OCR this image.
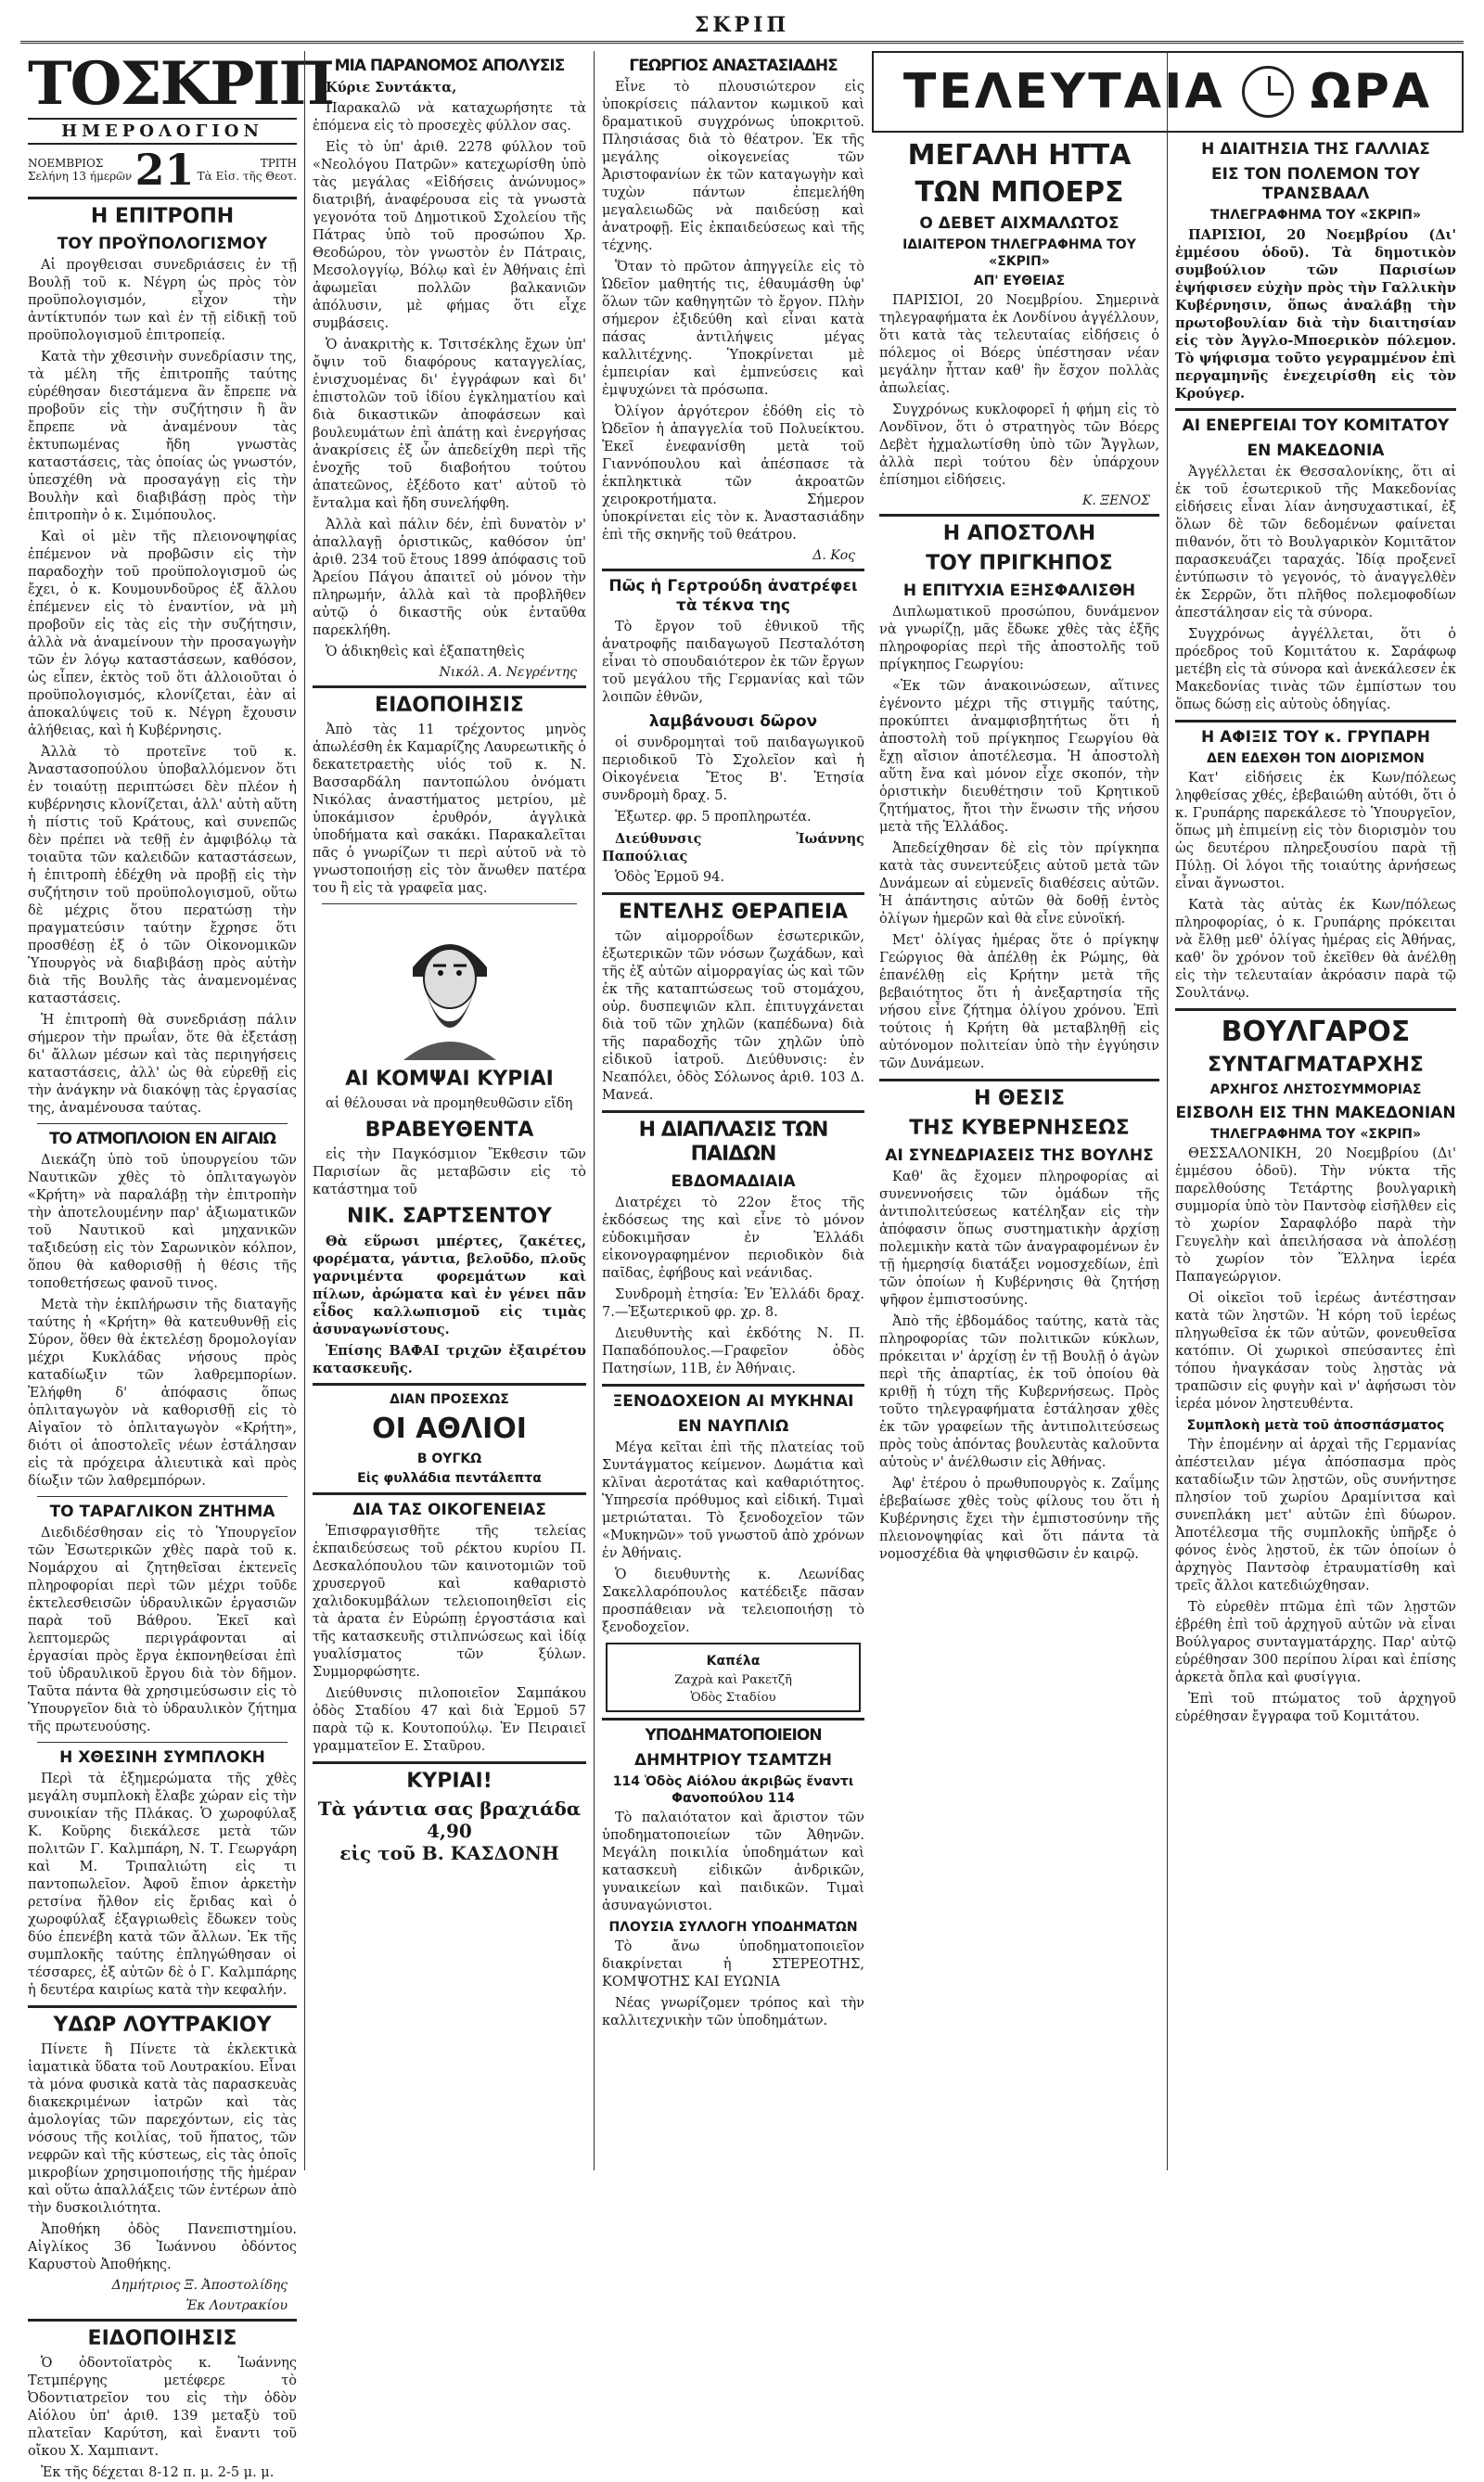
ΣΚΡΙΠ
ΤΟΣΚΡΙΠ
ΗΜΕΡΟΛΟΓΙΟΝ
ΝΟΕΜΒΡΙΟΣ
Σελήνη 13 ήμερῶν 21	ΤΡΙΤΗ
Τὰ Εἰσ. τῆς Θεοτ.
Η ΕΠΙΤΡΟΠΗ
ΤΟΥ ΠΡΟΫΠΟΛΟΓΙΣΜΟΥ

Αἱ προγθεισαι συνεδριάσεις ἐν τῇ Βουλῇ τοῦ κ. Νέγρη ὡς πρὸς τὸν προϋπολογισμόν, εἶχον τὴν ἀντίκτυπόν των καὶ ἐν τῇ εἰδικῇ τοῦ προϋπολογισμοῦ ἐπιτροπείᾳ.

Κατὰ τὴν χθεσινὴν συνεδρίασιν της, τὰ μέλη τῆς ἐπιτροπῆς ταύτης εὑρέθησαν διεστάμενα ἂν ἔπρεπε νὰ προβοῦν εἰς τὴν συζήτησιν ἢ ἂν ἔπρεπε νὰ ἀναμένουν τὰς ἐκτυπωμένας ἤδη γνωστὰς καταστάσεις, τὰς ὁποίας ὡς γνωστόν, ὑπεσχέθη νὰ προσαγάγῃ εἰς τὴν Βουλὴν καὶ διαβιβάσῃ πρὸς τὴν ἐπιτροπὴν ὁ κ. Σιμόπουλος.

Καὶ οἱ μὲν τῆς πλειονοψηφίας ἐπέμενον νὰ προβῶσιν εἰς τὴν παραδοχὴν τοῦ προϋπολογισμοῦ ὡς ἔχει, ὁ κ. Κουμουνδοῦρος ἐξ ἄλλου ἐπέμενεν εἰς τὸ ἐναντίον, νὰ μὴ προβοῦν εἰς τὰς εἰς τὴν συζήτησιν, ἀλλὰ νὰ ἀναμείνουν τὴν προσαγωγὴν τῶν ἐν λόγῳ καταστάσεων, καθόσον, ὡς εἶπεν, ἐκτὸς τοῦ ὅτι ἀλλοιοῦται ὁ προϋπολογισμός, κλονίζεται, ἐὰν αἱ ἀποκαλύψεις τοῦ κ. Νέγρη ἔχουσιν ἀλήθειας, καὶ ἡ Κυβέρνησις.

Ἀλλὰ τὸ προτεῖνε τοῦ κ. Ἀναστασοπούλου ὑποβαλλόμενον ὅτι ἐν τοιαύτῃ περιπτώσει δὲν πλέον ἡ κυβέρνησις κλονίζεται, ἀλλ' αὐτὴ αὕτη ἡ πίστις τοῦ Κράτους, καὶ συνεπῶς δὲν πρέπει νὰ τεθῇ ἐν ἀμφιβόλῳ τὰ τοιαῦτα τῶν καλειδῶν καταστάσεων, ἡ ἐπιτροπὴ ἐδέχθη νὰ προβῇ εἰς τὴν συζήτησιν τοῦ προϋπολογισμοῦ, οὕτω δὲ μέχρις ὅτου περατώσῃ τὴν πραγματεύσιν ταύτην ἔχρησε ὅτι προσθέσῃ ἐξ ὁ τῶν Οἰκονομικῶν Ὑπουργὸς νὰ διαβιβάσῃ πρὸς αὐτὴν διὰ τῆς Βουλῆς τὰς ἀναμενομένας καταστάσεις.

Ἡ ἐπιτροπὴ θὰ συνεδριάσῃ πάλιν σήμερον τὴν πρωΐαν, ὅτε θὰ ἐξετάσῃ δι' ἄλλων μέσων καὶ τὰς περιηγήσεις καταστάσεις, ἀλλ' ὡς θὰ εὑρεθῇ εἰς τὴν ἀνάγκην νὰ διακόψῃ τὰς ἐργασίας της, ἀναμένουσα ταύτας.

ΤΟ ΑΤΜΟΠΛΟΙΟΝ ΕΝ ΑΙΓΑΙΩ

Διεκάζη ὑπὸ τοῦ ὑπουργείου τῶν Ναυτικῶν χθὲς τὸ ὁπλιταγωγὸν «Κρήτη» νὰ παραλάβῃ τὴν ἐπιτροπὴν τὴν ἀποτελουμένην παρ' ἀξιωματικῶν τοῦ Ναυτικοῦ καὶ μηχανικῶν ταξιδεύσῃ εἰς τὸν Σαρωνικὸν κόλπον, ὅπου θὰ καθορισθῇ ἡ θέσις τῆς τοποθετήσεως φανοῦ τινος.

Μετὰ τὴν ἐκπλήρωσιν τῆς διαταγῆς ταύτης ἡ «Κρήτη» θὰ κατευθυνθῇ εἰς Σύρον, ὅθεν θὰ ἐκτελέσῃ δρομολογίαν μέχρι Κυκλάδας νήσους πρὸς καταδίωξιν τῶν λαθρεμπορίων. Ἐλήφθη δ' ἀπόφασις ὅπως ὁπλιταγωγὸν νὰ καθορισθῇ εἰς τὸ Αἰγαῖον τὸ ὁπλιταγωγὸν «Κρήτη», διότι οἱ ἀποστολεῖς νέων ἐστάλησαν εἰς τὰ πρόχειρα ἁλιευτικὰ καὶ πρὸς δίωξιν τῶν λαθρεμπόρων.

ΤΟ ΤΑΡΑΓΛΙΚΟΝ ΖΗΤΗΜΑ

Διεδιδέσθησαν εἰς τὸ Ὑπουργεῖον τῶν Ἐσωτερικῶν χθὲς παρὰ τοῦ κ. Νομάρχου αἱ ζητηθεῖσαι ἐκτενεῖς πληροφορίαι περὶ τῶν μέχρι τοῦδε ἐκτελεσθεισῶν ὑδραυλικῶν ἐργασιῶν παρὰ τοῦ Βάθρου. Ἐκεῖ καὶ λεπτομερῶς περιγράφονται αἱ ἐργασίαι πρὸς ἔργα ἐκπονηθείσαι ἐπὶ τοῦ ὑδραυλικοῦ ἔργου διὰ τὸν δῆμον. Ταῦτα πάντα θὰ χρησιμεύσωσιν εἰς τὸ Ὑπουργεῖον διὰ τὸ ὑδραυλικὸν ζήτημα τῆς πρωτευούσης.

Η ΧΘΕΣΙΝΗ ΣΥΜΠΛΟΚΗ

Περὶ τὰ ἐξημερώματα τῆς χθὲς μεγάλη συμπλοκὴ ἔλαβε χώραν εἰς τὴν συνοικίαν τῆς Πλάκας. Ὁ χωροφύλαξ Κ. Κοῦρης διεκάλεσε μετὰ τῶν πολιτῶν Γ. Καλμπάρη, Ν. Τ. Γεωργάρη καὶ Μ. Τριπαλιώτη εἰς τι παντοπωλεῖον. Ἀφοῦ ἔπιον ἀρκετὴν ρετσίνα ἤλθον εἰς ἔριδας καὶ ὁ χωροφύλαξ ἐξαγριωθεὶς ἔδωκεν τοὺς δύο ἐπενέβη κατὰ τῶν ἄλλων. Ἐκ τῆς συμπλοκῆς ταύτης ἐπληγώθησαν οἱ τέσσαρες, ἐξ αὐτῶν δὲ ὁ Γ. Καλμπάρης ἡ δευτέρα καιρίως κατὰ τὴν κεφαλήν.

ΥΔΩΡ ΛΟΥΤΡΑΚΙΟΥ

Πίνετε ἢ Πίνετε τὰ ἐκλεκτικὰ ἰαματικὰ ὕδατα τοῦ Λουτρακίου. Εἶναι τὰ μόνα φυσικὰ κατὰ τὰς παρασκευὰς διακεκριμένων ἰατρῶν καὶ τὰς ἀμολογίας τῶν παρεχόντων, εἰς τὰς νόσους τῆς κοιλίας, τοῦ ἥπατος, τῶν νεφρῶν καὶ τῆς κύστεως, εἰς τὰς ὁποῖς μικροβίων χρησιμοποιήσῃς τῆς ἡμέραν καὶ οὕτω ἀπαλλάξεις τῶν ἐντέρων ἀπὸ τὴν δυσκοιλιότητα.

Ἀποθήκη ὁδὸς Πανεπιστημίου. Αἰγλίκος 36 Ἰωάννου ὀδόντος Καρυστοὺ Ἀποθήκης.

Δημήτριος Ξ. Ἀποστολίδης
Ἐκ Λουτρακίου
ΕΙΔΟΠΟΙΗΣΙΣ

Ὁ ὀδοντοϊατρὸς κ. Ἰωάννης Τετμπέργης μετέφερε τὸ Ὀδοντιατρεῖον του εἰς τὴν ὁδὸν Αἰόλου ὑπ' ἀριθ. 139 μεταξὺ τοῦ πλατεῖαν Καρύτση, καὶ ἔναντι τοῦ οἴκου Χ. Χαμπιαντ.

Ἐκ τῆς δέχεται 8-12 π. μ. 2-5 μ. μ.

ΜΙΑ ΠΑΡΑΝΟΜΟΣ ΑΠΟΛΥΣΙΣ

Κύριε Συντάκτα,

Παρακαλῶ νὰ καταχωρήσητε τὰ ἑπόμενα εἰς τὸ προσεχὲς φύλλον σας.

Εἰς τὸ ὑπ' ἀριθ. 2278 φύλλον τοῦ «Νεολόγου Πατρῶν» κατεχωρίσθη ὑπὸ τὰς μεγάλας «Εἰδήσεις ἀνώνυμος» διατριβή, ἀναφέρουσα εἰς τὰ γνωστὰ γεγονότα τοῦ Δημοτικοῦ Σχολείου τῆς Πάτρας ὑπὸ τοῦ προσώπου Χρ. Θεοδώρου, τὸν γνωστὸν ἐν Πάτραις, Μεσολογγίῳ, Βόλῳ καὶ ἐν Ἀθήναις ἐπὶ ἀφωμεῖαι πολλῶν βαλκανιῶν ἀπόλυσιν, μὲ φήμας ὅτι εἶχε συμβάσεις.

Ὁ ἀνακριτὴς κ. Τσιτσέκλης ἔχων ὑπ' ὄψιν τοῦ διαφόρους καταγγελίας, ἐνισχυομένας δι' ἐγγράφων καὶ δι' ἐπιστολῶν τοῦ ἰδίου ἐγκληματίου καὶ διὰ δικαστικῶν ἀποφάσεων καὶ βουλευμάτων ἐπὶ ἀπάτῃ καὶ ἐνεργήσας ἀνακρίσεις ἐξ ὧν ἀπεδείχθη περὶ τῆς ἐνοχῆς τοῦ διαβοήτου τούτου ἀπατεῶνος, ἐξέδοτο κατ' αὐτοῦ τὸ ἔνταλμα καὶ ἤδη συνελήφθη.

Ἀλλὰ καὶ πάλιν δέν, ἐπὶ δυνατὸν ν' ἀπαλλαγῇ ὀριστικῶς, καθόσον ὑπ' ἀριθ. 234 τοῦ ἔτους 1899 ἀπόφασις τοῦ Ἀρείου Πάγου ἀπαιτεῖ οὐ μόνον τὴν πληρωμήν, ἀλλὰ καὶ τὰ προβλῆθεν αὐτῷ ὁ δικαστῆς οὐκ ἐνταῦθα παρεκλήθη.

Ὁ ἀδικηθεὶς καὶ ἐξαπατηθεὶς

Νικόλ. Α. Νεγρέντης
ΕΙΔΟΠΟΙΗΣΙΣ

Ἀπὸ τὰς 11 τρέχοντος μηνὸς ἀπωλέσθη ἐκ Καμαρίζης Λαυρεωτικῆς ὁ δεκατετραετὴς υἱός τοῦ κ. Ν. Βασσαρδάλη παντοπώλου ὀνόματι Νικόλας ἀναστήματος μετρίου, μὲ ὑποκάμισον ἐρυθρόν, ἀγγλικὰ ὑποδήματα καὶ σακάκι. Παρακαλεῖται πᾶς ὁ γνωρίζων τι περὶ αὐτοῦ νὰ τὸ γνωστοποιήσῃ εἰς τὸν ἄνωθεν πατέρα του ἢ εἰς τὰ γραφεῖα μας.

ΑΙ ΚΟΜΨΑΙ ΚΥΡΙΑΙ

αἱ θέλουσαι νὰ προμηθευθῶσιν εἴδη

ΒΡΑΒΕΥΘΕΝΤΑ

εἰς τὴν Παγκόσμιον Ἔκθεσιν τῶν Παρισίων ἂς μεταβῶσιν εἰς τὸ κατάστημα τοῦ

ΝΙΚ. ΣΑΡΤΣΕΝΤΟΥ

Θὰ εὕρωσι μπέρτες, ζακέτες, φορέματα, γάντια, βελοῦδο, πλοῦς γαρνιμέντα φορεμάτων καὶ πίλων, ἀρώματα καὶ ἐν γένει πᾶν εἶδος καλλωπισμοῦ εἰς τιμὰς ἀσυναγωνίστους.

Ἐπίσης ΒΑΦΑΙ τριχῶν ἐξαιρέτου κατασκευῆς.

ΔΙΑΝ ΠΡΟΣΕΧΩΣ
ΟΙ ΑΘΛΙΟΙ
Β ΟΥΓΚΩ
Εἰς φυλλάδια πεντάλεπτα
ΔΙΑ ΤΑΣ ΟΙΚΟΓΕΝΕΙΑΣ

Ἐπισφραγισθῆτε τῆς τελείας ἐκπαιδεύσεως τοῦ ρέκτου κυρίου Π. Δεσκαλόπουλου τῶν καινοτομιῶν τοῦ χρυσεργοῦ καὶ καθαριστὸ χαλιδοκυμβάλων τελειοποιηθεῖσι εἰς τὰ ἀρατα ἐν Εὐρώπῃ ἐργοστάσια καὶ τῆς κατασκευῆς στιλπνώσεως καὶ ἰδίᾳ γυαλίσματος τῶν ξύλων. Συμμορφώσητε.

Διεύθυνσις πιλοποιεῖον Σαμπάκου ὁδὸς Σταδίου 47 καὶ διὰ Ἑρμοῦ 57 παρὰ τῷ κ. Κουτοπούλῳ. Ἐν Πειραιεῖ γραμματεῖον Ε. Σταῦρου.

ΚΥΡΙΑΙ!
Τὰ γάντια σας βραχιάδα 4,90
εἰς τοῦ Β. ΚΑΣΔΟΝΗ
ΓΕΩΡΓΙΟΣ ΑΝΑΣΤΑΣΙΑΔΗΣ

Εἶνε τὸ πλουσιώτερον εἰς ὑποκρίσεις πάλαντον κωμικοῦ καὶ δραματικοῦ συγχρόνως ὑποκριτοῦ. Πλησιάσας διὰ τὸ θέατρον. Ἐκ τῆς μεγάλης οἰκογενείας τῶν Ἀριστοφανίων ἐκ τῶν καταγωγὴν καὶ τυχὼν πάντων ἐπεμελήθη μεγαλειωδῶς νὰ παιδεύσῃ καὶ ἀνατροφῇ. Εἰς ἐκπαιδεύσεως καὶ τῆς τέχνης.

Ὅταν τὸ πρῶτον ἀπηγγείλε εἰς τὸ Ὠδεῖον μαθητής τις, ἐθαυμάσθη ὑφ' ὅλων τῶν καθηγητῶν τὸ ἔργον. Πλὴν σήμερον ἐξιδεύθη καὶ εἶναι κατὰ πάσας ἀντιλήψεις μέγας καλλιτέχνης. Ὑποκρίνεται μὲ ἐμπειρίαν καὶ ἐμπνεύσεις καὶ ἐμψυχώνει τὰ πρόσωπα.

Ὀλίγον ἀργότερον ἐδόθη εἰς τὸ Ὠδεῖον ἡ ἀπαγγελία τοῦ Πολυείκτου. Ἐκεῖ ἐνεφανίσθη μετὰ τοῦ Γιαννόπουλου καὶ ἀπέσπασε τὰ ἐκπληκτικὰ τῶν ἀκροατῶν χειροκροτήματα. Σήμερον ὑποκρίνεται εἰς τὸν κ. Ἀναστασιάδην ἐπὶ τῆς σκηνῆς τοῦ θεάτρου.

Δ. Κος
Πῶς ἡ Γερτρούδη ἀνατρέφει τὰ τέκνα της

Τὸ ἔργον τοῦ ἐθνικοῦ τῆς ἀνατροφῆς παιδαγωγοῦ Πεσταλότση εἶναι τὸ σπουδαιότερον ἐκ τῶν ἔργων τοῦ μεγάλου τῆς Γερμανίας καὶ τῶν λοιπῶν ἐθνῶν,

λαμβάνουσι δῶρον

οἱ συνδρομηταὶ τοῦ παιδαγωγικοῦ περιοδικοῦ Τὸ Σχολεῖον καὶ ἡ Οἰκογένεια Ἔτος Β'. Ἐτησία συνδρομὴ δραχ. 5.

Ἐξωτερ. φρ. 5 προπληρωτέα.

Διεύθυνσις Ἰωάννης Παπούλιας

Ὁδὸς Ἑρμοῦ 94.

ΕΝΤΕΛΗΣ ΘΕΡΑΠΕΙΑ

τῶν αἱμορροΐδων ἐσωτερικῶν, ἐξωτερικῶν τῶν νόσων ζωχάδων, καὶ τῆς ἐξ αὐτῶν αἱμορραγίας ὡς καὶ τῶν ἐκ τῆς καταπτώσεως τοῦ στομάχου, οὐρ. δυσπεψιῶν κλπ. ἐπιτυγχάνεται διὰ τοῦ τῶν χηλῶν (καπέδωνα) διὰ τῆς παραδοχῆς τῶν χηλῶν ὑπὸ εἰδικοῦ ἰατροῦ. Διεύθυνσις: ἐν Νεαπόλει, ὁδὸς Σόλωνος ἀριθ. 103 Δ. Μανεά.

Η ΔΙΑΠΛΑΣΙΣ ΤΩΝ ΠΑΙΔΩΝ
ΕΒΔΟΜΑΔΙΑΙΑ

Διατρέχει τὸ 22ον ἔτος τῆς ἐκδόσεως της καὶ εἶνε τὸ μόνον εὐδοκιμῆσαν ἐν Ἑλλάδι εἰκονογραφημένον περιοδικὸν διὰ παῖδας, ἐφήβους καὶ νεάνιδας.

Συνδρομὴ ἐτησία: Ἐν Ἑλλάδι δραχ. 7.—Ἐξωτερικοῦ φρ. χρ. 8.

Διευθυντὴς καὶ ἐκδότης Ν. Π. Παπαδόπουλος.—Γραφεῖον ὁδὸς Πατησίων, 11Β, ἐν Ἀθήναις.

ΞΕΝΟΔΟΧΕΙΟΝ ΑΙ ΜΥΚΗΝΑΙ
ΕΝ ΝΑΥΠΛΙΩ

Μέγα κεῖται ἐπὶ τῆς πλατείας τοῦ Συντάγματος κείμενον. Δωμάτια καὶ κλῖναι ἀεροτάτας καὶ καθαριότητος. Ὑπηρεσία πρόθυμος καὶ εἰδική. Τιμαὶ μετριώταται. Τὸ ξενοδοχεῖον τῶν «Μυκηνῶν» τοῦ γνωστοῦ ἀπὸ χρόνων ἐν Ἀθήναις.

Ὁ διευθυντὴς κ. Λεωνίδας Σακελλαρόπουλος κατέδειξε πᾶσαν προσπάθειαν νὰ τελειοποιήσῃ τὸ ξενοδοχεῖον.

Καπέλα
Ζαχρὰ καὶ Ρακετζῆ
Ὁδὸς Σταδίου
ΥΠΟΔΗΜΑΤΟΠΟΙΕΙΟΝ
ΔΗΜΗΤΡΙΟΥ ΤΣΑΜΤΖΗ
114 Ὁδὸς Αἰόλου ἀκριβῶς ἔναντι Φανοπούλου 114

Τὸ παλαιότατον καὶ ἄριστον τῶν ὑποδηματοποιείων τῶν Ἀθηνῶν. Μεγάλη ποικιλία ὑποδημάτων καὶ κατασκευὴ εἰδικῶν ἀνδρικῶν, γυναικείων καὶ παιδικῶν. Τιμαὶ ἀσυναγώνιστοι.

ΠΛΟΥΣΙΑ ΣΥΛΛΟΓΗ ΥΠΟΔΗΜΑΤΩΝ

Τὸ ἄνω ὑποδηματοποιεῖον διακρίνεται ἡ ΣΤΕΡΕΟΤΗΣ, ΚΟΜΨΟΤΗΣ ΚΑΙ ΕΥΩΝΙΑ

Νέας γνωρίζομεν τρόπος καὶ τὴν καλλιτεχνικὴν τῶν ὑποδημάτων.

ΤΕΛΕΥΤΑΙΑ ΩΡΑ
ΜΕΓΑΛΗ ΗΤΤΑ
ΤΩΝ ΜΠΟΕΡΣ
Ο ΔΕΒΕΤ ΑΙΧΜΑΛΩΤΟΣ
ΙΔΙΑΙΤΕΡΟΝ ΤΗΛΕΓΡΑΦΗΜΑ ΤΟΥ «ΣΚΡΙΠ»
ΑΠ' ΕΥΘΕΙΑΣ

ΠΑΡΙΣΙΟΙ, 20 Νοεμβρίου. Σημερινὰ τηλεγραφήματα ἐκ Λονδίνου ἀγγέλλουν, ὅτι κατὰ τὰς τελευταίας εἰδήσεις ὁ πόλεμος οἱ Βόερς ὑπέστησαν νέαν μεγάλην ἧτταν καθ' ἣν ἔσχον πολλὰς ἀπωλείας.

Συγχρόνως κυκλοφορεῖ ἡ φήμη εἰς τὸ Λονδῖνον, ὅτι ὁ στρατηγὸς τῶν Βόερς Δεβὲτ ἠχμαλωτίσθη ὑπὸ τῶν Ἄγγλων, ἀλλὰ περὶ τούτου δὲν ὑπάρχουν ἐπίσημοι εἰδήσεις.

Κ. ΞΕΝΟΣ
Η ΑΠΟΣΤΟΛΗ
ΤΟΥ ΠΡΙΓΚΗΠΟΣ
Η ΕΠΙΤΥΧΙΑ ΕΞΗΣΦΑΛΙΣΘΗ

Διπλωματικοῦ προσώπου, δυνάμενον νὰ γνωρίζῃ, μᾶς ἔδωκε χθὲς τὰς ἑξῆς πληροφορίας περὶ τῆς ἀποστολῆς τοῦ πρίγκηπος Γεωργίου:

«Ἐκ τῶν ἀνακοινώσεων, αἵτινες ἐγένοντο μέχρι τῆς στιγμῆς ταύτης, προκύπτει ἀναμφισβητήτως ὅτι ἡ ἀποστολὴ τοῦ πρίγκηπος Γεωργίου θὰ ἔχῃ αἴσιον ἀποτέλεσμα. Ἡ ἀποστολὴ αὕτη ἔνα καὶ μόνον εἶχε σκοπόν, τὴν ὁριστικὴν διευθέτησιν τοῦ Κρητικοῦ ζητήματος, ἤτοι τὴν ἕνωσιν τῆς νήσου μετὰ τῆς Ἑλλάδος.

Ἀπεδείχθησαν δὲ εἰς τὸν πρίγκηπα κατὰ τὰς συνεντεύξεις αὐτοῦ μετὰ τῶν Δυνάμεων αἱ εὐμενεῖς διαθέσεις αὐτῶν. Ἡ ἀπάντησις αὐτῶν θὰ δοθῇ ἐντὸς ὀλίγων ἡμερῶν καὶ θὰ εἶνε εὐνοϊκή.

Μετ' ὀλίγας ἡμέρας ὅτε ὁ πρίγκηψ Γεώργιος θὰ ἀπέλθῃ ἐκ Ρώμης, θὰ ἐπανέλθῃ εἰς Κρήτην μετὰ τῆς βεβαιότητος ὅτι ἡ ἀνεξαρτησία τῆς νήσου εἶνε ζήτημα ὀλίγου χρόνου. Ἐπὶ τούτοις ἡ Κρήτη θὰ μεταβληθῇ εἰς αὐτόνομον πολιτείαν ὑπὸ τὴν ἐγγύησιν τῶν Δυνάμεων.

Η ΘΕΣΙΣ
ΤΗΣ ΚΥΒΕΡΝΗΣΕΩΣ
ΑΙ ΣΥΝΕΔΡΙΑΣΕΙΣ ΤΗΣ ΒΟΥΛΗΣ

Καθ' ἃς ἔχομεν πληροφορίας αἱ συνεννοήσεις τῶν ὁμάδων τῆς ἀντιπολιτεύσεως κατέληξαν εἰς τὴν ἀπόφασιν ὅπως συστηματικὴν ἀρχίσῃ πολεμικὴν κατὰ τῶν ἀναγραφομένων ἐν τῇ ἡμερησίᾳ διατάξει νομοσχεδίων, ἐπὶ τῶν ὁποίων ἡ Κυβέρνησις θὰ ζητήσῃ ψῆφον ἐμπιστοσύνης.

Ἀπὸ τῆς ἑβδομάδος ταύτης, κατὰ τὰς πληροφορίας τῶν πολιτικῶν κύκλων, πρόκειται ν' ἀρχίσῃ ἐν τῇ Βουλῇ ὁ ἀγὼν περὶ τῆς ἀπαρτίας, ἐκ τοῦ ὁποίου θὰ κριθῇ ἡ τύχη τῆς Κυβερνήσεως. Πρὸς τοῦτο τηλεγραφήματα ἐστάλησαν χθὲς ἐκ τῶν γραφείων τῆς ἀντιπολιτεύσεως πρὸς τοὺς ἀπόντας βουλευτὰς καλοῦντα αὐτοὺς ν' ἀνέλθωσιν εἰς Ἀθήνας.

Ἀφ' ἑτέρου ὁ πρωθυπουργὸς κ. Ζαΐμης ἐβεβαίωσε χθὲς τοὺς φίλους του ὅτι ἡ Κυβέρνησις ἔχει τὴν ἐμπιστοσύνην τῆς πλειονοψηφίας καὶ ὅτι πάντα τὰ νομοσχέδια θὰ ψηφισθῶσιν ἐν καιρῷ.

Η ΔΙΑΙΤΗΣΙΑ ΤΗΣ ΓΑΛΛΙΑΣ
ΕΙΣ ΤΟΝ ΠΟΛΕΜΟΝ ΤΟΥ ΤΡΑΝΣΒΑΑΛ
ΤΗΛΕΓΡΑΦΗΜΑ ΤΟΥ «ΣΚΡΙΠ»

ΠΑΡΙΣΙΟΙ, 20 Νοεμβρίου (Δι' ἐμμέσου ὁδοῦ). Τὰ δημοτικὸν συμβούλιον τῶν Παρισίων ἐψήφισεν εὐχὴν πρὸς τὴν Γαλλικὴν Κυβέρνησιν, ὅπως ἀναλάβῃ τὴν πρωτοβουλίαν διὰ τὴν διαιτησίαν εἰς τὸν Ἀγγλο-Μποερικὸν πόλεμον. Τὸ ψήφισμα τοῦτο γεγραμμένον ἐπὶ περγαμηνῆς ἐνεχειρίσθη εἰς τὸν Κρούγερ.

ΑΙ ΕΝΕΡΓΕΙΑΙ ΤΟΥ ΚΟΜΙΤΑΤΟΥ
ΕΝ ΜΑΚΕΔΟΝΙΑ

Ἀγγέλλεται ἐκ Θεσσαλονίκης, ὅτι αἱ ἐκ τοῦ ἐσωτερικοῦ τῆς Μακεδονίας εἰδήσεις εἶναι λίαν ἀνησυχαστικαί, ἐξ ὅλων δὲ τῶν δεδομένων φαίνεται πιθανόν, ὅτι τὸ Βουλγαρικὸν Κομιτᾶτον παρασκευάζει ταραχάς. Ἰδίᾳ προξενεῖ ἐντύπωσιν τὸ γεγονός, τὸ ἀναγγελθὲν ἐκ Σερρῶν, ὅτι πλῆθος πολεμοφοδίων ἀπεστάλησαν εἰς τὰ σύνορα.

Συγχρόνως ἀγγέλλεται, ὅτι ὁ πρόεδρος τοῦ Κομιτάτου κ. Σαράφωφ μετέβη εἰς τὰ σύνορα καὶ ἀνεκάλεσεν ἐκ Μακεδονίας τινὰς τῶν ἐμπίστων του ὅπως δώσῃ εἰς αὐτοὺς ὁδηγίας.

Η ΑΦΙΞΙΣ ΤΟΥ κ. ΓΡΥΠΑΡΗ
ΔΕΝ ΕΔΕΧΘΗ ΤΟΝ ΔΙΟΡΙΣΜΟΝ

Κατ' εἰδήσεις ἐκ Κων/πόλεως ληφθείσας χθές, ἐβεβαιώθη αὐτόθι, ὅτι ὁ κ. Γρυπάρης παρεκάλεσε τὸ Ὑπουργεῖον, ὅπως μὴ ἐπιμείνῃ εἰς τὸν διορισμὸν του ὡς δευτέρου πληρεξουσίου παρὰ τῇ Πύλῃ. Οἱ λόγοι τῆς τοιαύτης ἀρνήσεως εἶναι ἄγνωστοι.

Κατὰ τὰς αὐτὰς ἐκ Κων/πόλεως πληροφορίας, ὁ κ. Γρυπάρης πρόκειται νὰ ἔλθῃ μεθ' ὀλίγας ἡμέρας εἰς Ἀθήνας, καθ' ὃν χρόνον τοῦ ἐκεῖθεν θὰ ἀνέλθῃ εἰς τὴν τελευταίαν ἀκρόασιν παρὰ τῷ Σουλτάνῳ.

ΒΟΥΛΓΑΡΟΣ
ΣΥΝΤΑΓΜΑΤΑΡΧΗΣ
ΑΡΧΗΓΟΣ ΛΗΣΤΟΣΥΜΜΟΡΙΑΣ
ΕΙΣΒΟΛΗ ΕΙΣ ΤΗΝ ΜΑΚΕΔΟΝΙΑΝ
ΤΗΛΕΓΡΑΦΗΜΑ ΤΟΥ «ΣΚΡΙΠ»

ΘΕΣΣΑΛΟΝΙΚΗ, 20 Νοεμβρίου (Δι' ἐμμέσου ὁδοῦ). Τὴν νύκτα τῆς παρελθούσης Τετάρτης βουλγαρικὴ συμμορία ὑπὸ τὸν Παντσὸφ εἰσῆλθεν εἰς τὸ χωρίον Σαραφλόβο παρὰ τὴν Γευγελὴν καὶ ἀπειλήσασα νὰ ἀπολέσῃ τὸ χωρίον τὸν Ἕλληνα ἱερέα Παπαγεώργιον.

Οἱ οἰκεῖοι τοῦ ἱερέως ἀντέστησαν κατὰ τῶν ληστῶν. Ἡ κόρη τοῦ ἱερέως πληγωθεῖσα ἐκ τῶν αὐτῶν, φονευθεῖσα κατόπιν. Οἱ χωρικοὶ σπεύσαντες ἐπὶ τόπου ἠναγκάσαν τοὺς λῃστὰς νὰ τραπῶσιν εἰς φυγὴν καὶ ν' ἀφήσωσι τὸν ἱερέα μόνον ληστευθέντα.

Συμπλοκὴ μετὰ τοῦ ἀποσπάσματος

Τὴν ἑπομένην αἱ ἀρχαὶ τῆς Γερμανίας ἀπέστειλαν μέγα ἀπόσπασμα πρὸς καταδίωξιν τῶν λῃστῶν, οὓς συνήντησε πλησίον τοῦ χωρίου Δραμίνιτσα καὶ συνεπλάκη μετ' αὐτῶν ἐπὶ δύωρον. Ἀποτέλεσμα τῆς συμπλοκῆς ὑπῆρξε ὁ φόνος ἑνὸς λῃστοῦ, ἐκ τῶν ὁποίων ὁ ἀρχηγὸς Παντσὸφ ἐτραυματίσθη καὶ τρεῖς ἄλλοι κατεδιώχθησαν.

Τὸ εὑρεθὲν πτῶμα ἐπὶ τῶν λῃστῶν ἐβρέθη ἐπὶ τοῦ ἀρχηγοῦ αὐτῶν νὰ εἶναι Βούλγαρος συνταγματάρχης. Παρ' αὐτῷ εὑρέθησαν 300 περίπου λίραι καὶ ἐπίσης ἀρκετὰ ὄπλα καὶ φυσίγγια.

Ἐπὶ τοῦ πτώματος τοῦ ἀρχηγοῦ εὑρέθησαν ἔγγραφα τοῦ Κομιτάτου.
